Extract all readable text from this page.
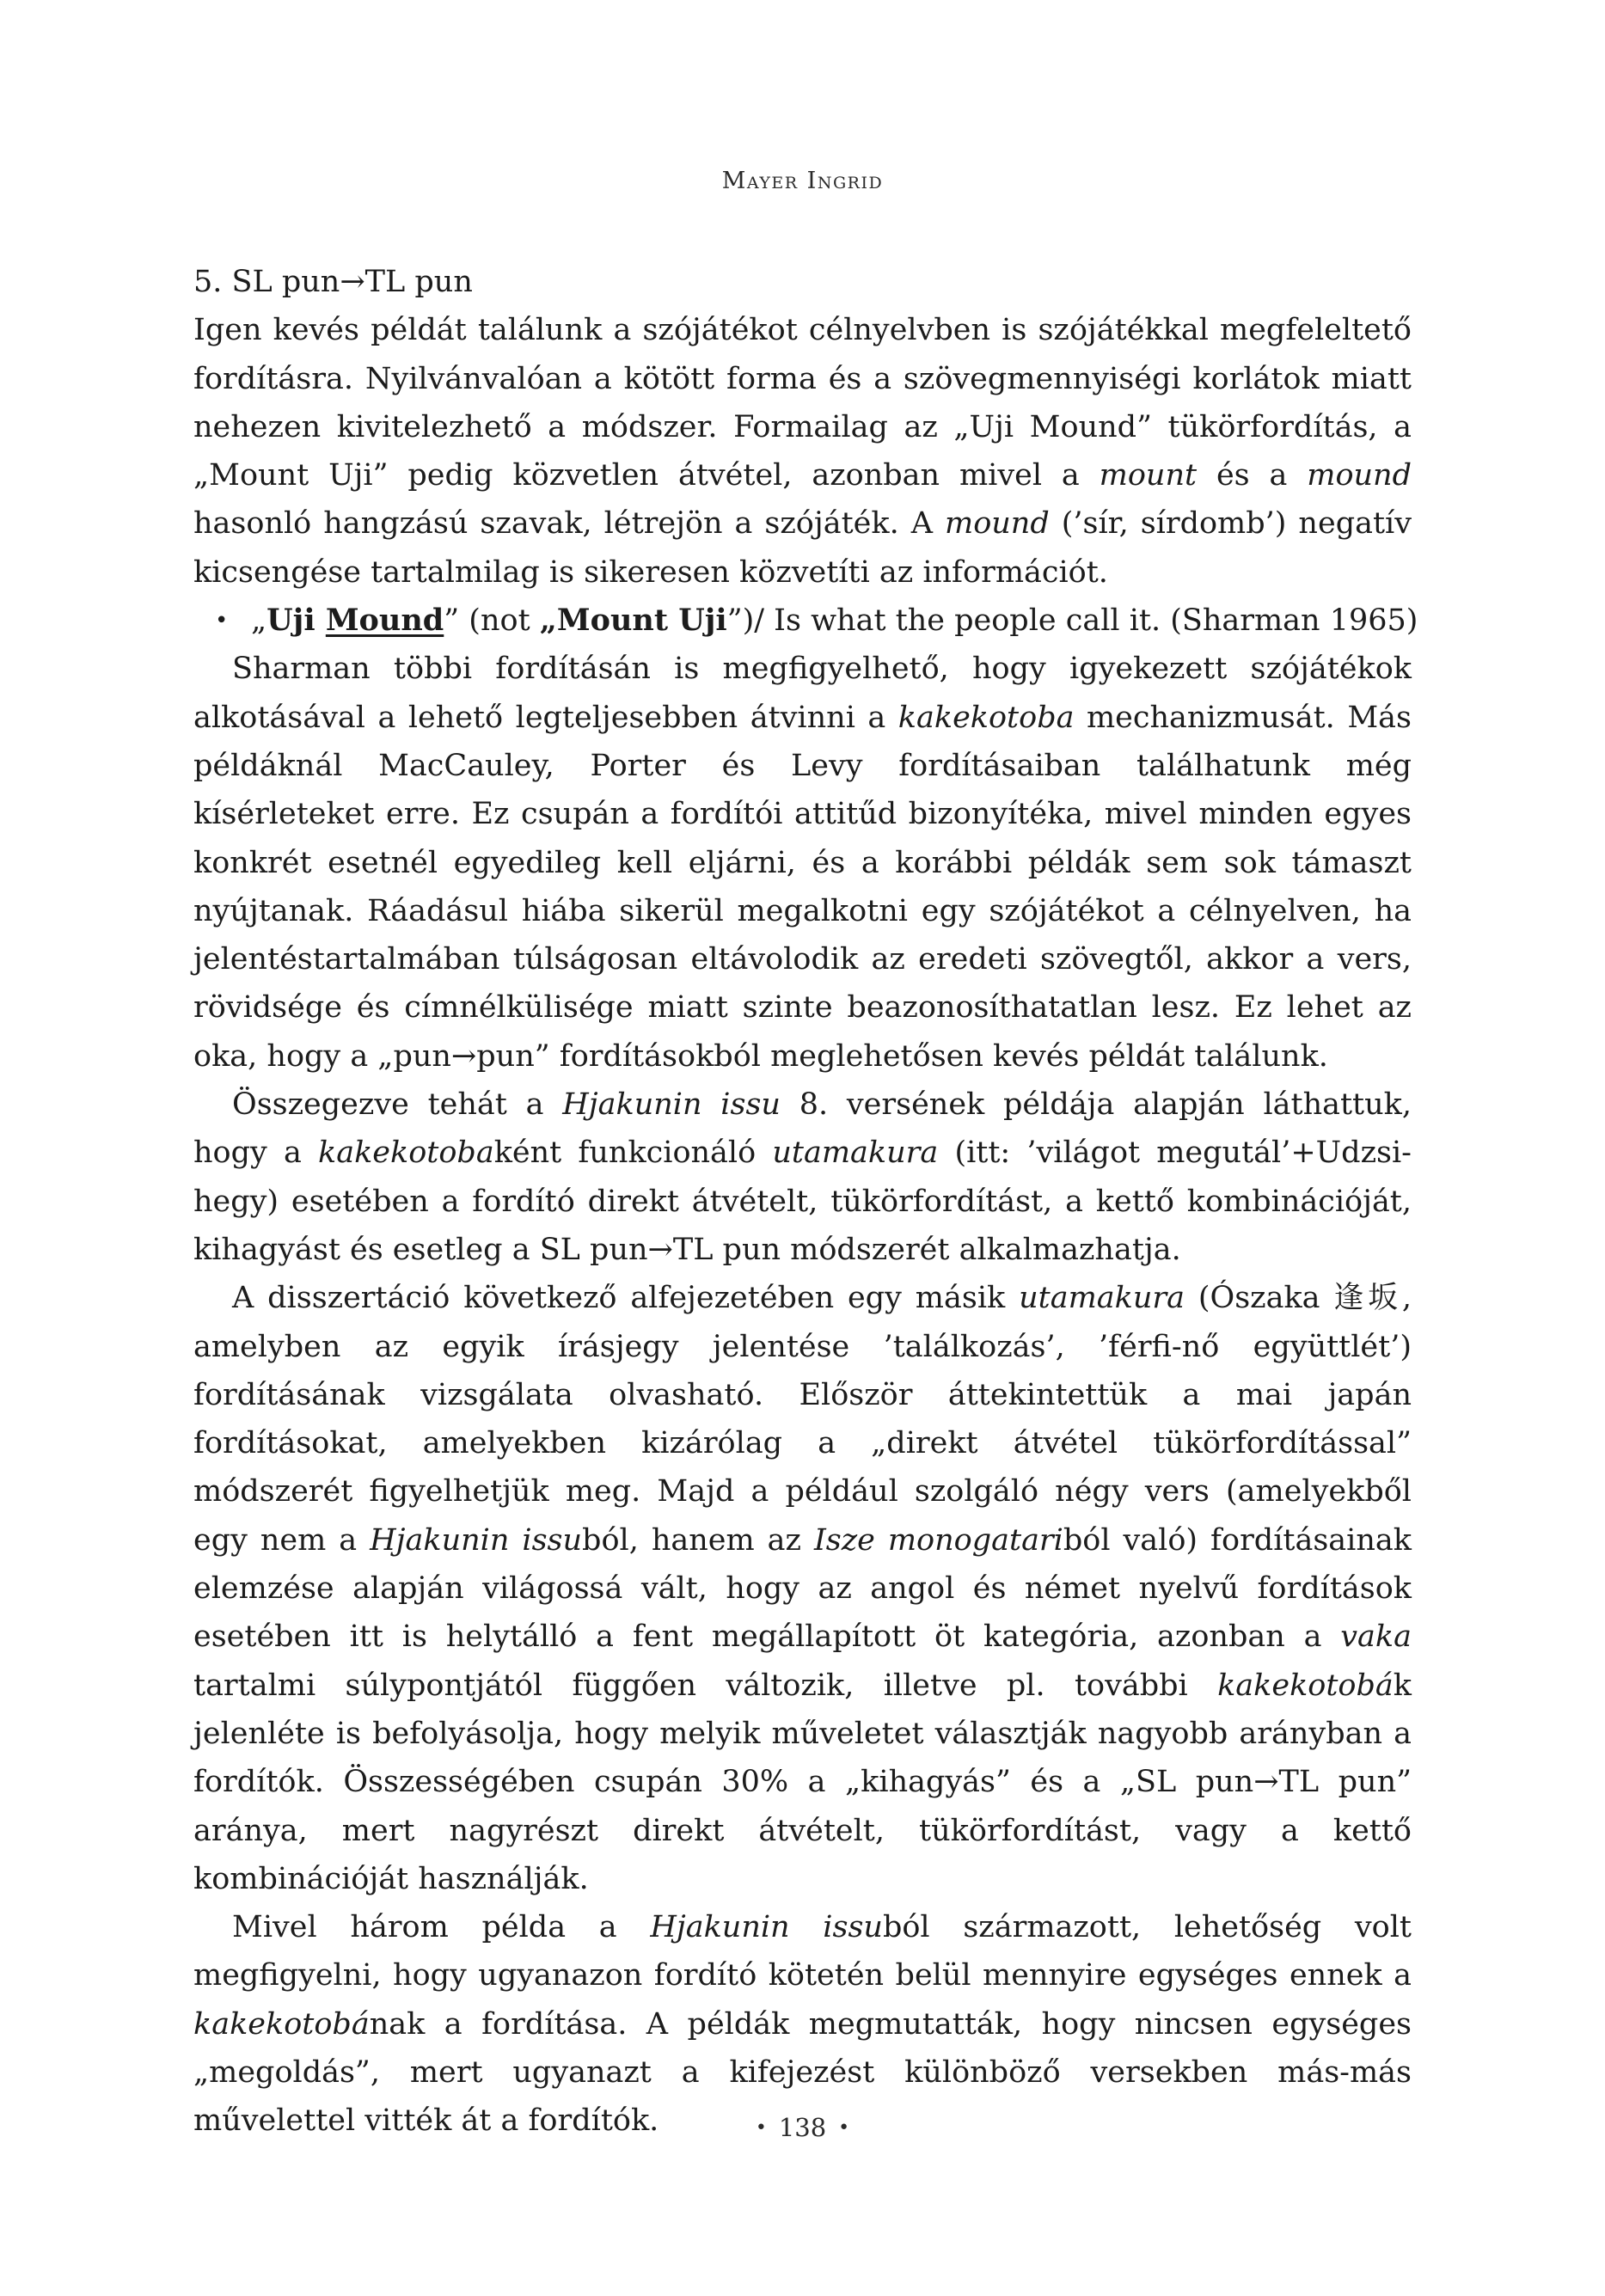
Mayer Ingrid
5. SL pun→TL pun

Igen kevés példát találunk a szójátékot célnyelvben is szójátékkal megfeleltető fordításra. Nyilvánvalóan a kötött forma és a szövegmennyiségi korlátok miatt nehezen kivitelezhető a módszer. Formailag az „Uji Mound” tükörfordítás, a „Mount Uji” pedig közvetlen átvétel, azonban mivel a mount és a mound hasonló hangzású szavak, létrejön a szójáték. A mound (’sír, sírdomb’) negatív kicsengése tartalmilag is sikeresen közvetíti az információt.

• „Uji Mound” (not „Mount Uji”)/ Is what the people call it. (Sharman 1965)

Sharman többi fordításán is megfigyelhető, hogy igyekezett szójátékok alkotásával a lehető legteljesebben átvinni a kakekotoba mechanizmusát. Más példáknál MacCauley, Porter és Levy fordításaiban találhatunk még kísérleteket erre. Ez csupán a fordítói attitűd bizonyítéka, mivel minden egyes konkrét esetnél egyedileg kell eljárni, és a korábbi példák sem sok támaszt nyújtanak. Ráadásul hiába sikerül megalkotni egy szójátékot a célnyelven, ha jelentéstartalmában túlságosan eltávolodik az eredeti szövegtől, akkor a vers, rövidsége és címnélkülisége miatt szinte beazonosíthatatlan lesz. Ez lehet az oka, hogy a „pun→pun” fordításokból meglehetősen kevés példát találunk.

Összegezve tehát a Hjakunin issu 8. versének példája alapján láthattuk, hogy a kakekotobaként funkcionáló utamakura (itt: ’világot megutál’+Udzsi-hegy) esetében a fordító direkt átvételt, tükörfordítást, a kettő kombinációját, kihagyást és esetleg a SL pun→TL pun módszerét alkalmazhatja.

A disszertáció következő alfejezetében egy másik utamakura (Ószaka 逢坂, amelyben az egyik írásjegy jelentése ’találkozás’, ’férfi-nő együttlét’) fordításának vizsgálata olvasható. Először áttekintettük a mai japán fordításokat, amelyekben kizárólag a „direkt átvétel tükörfordítással” módszerét figyelhetjük meg. Majd a például szolgáló négy vers (amelyekből egy nem a Hjakunin issuból, hanem az Isze monogatariból való) fordításainak elemzése alapján világossá vált, hogy az angol és német nyelvű fordítások esetében itt is helytálló a fent megállapított öt kategória, azonban a vaka tartalmi súlypontjától függően változik, illetve pl. további kakekotobák jelenléte is befolyásolja, hogy melyik műveletet választják nagyobb arányban a fordítók. Összességében csupán 30% a „kihagyás” és a „SL pun→TL pun” aránya, mert nagyrészt direkt átvételt, tükörfordítást, vagy a kettő kombinációját használják.

Mivel három példa a Hjakunin issuból származott, lehetőség volt megfigyelni, hogy ugyanazon fordító kötetén belül mennyire egységes ennek a kakekotobának a fordítása. A példák megmutatták, hogy nincsen egységes „megoldás”, mert ugyanazt a kifejezést különböző versekben más-más művelettel vitték át a fordítók.	• 138 •
